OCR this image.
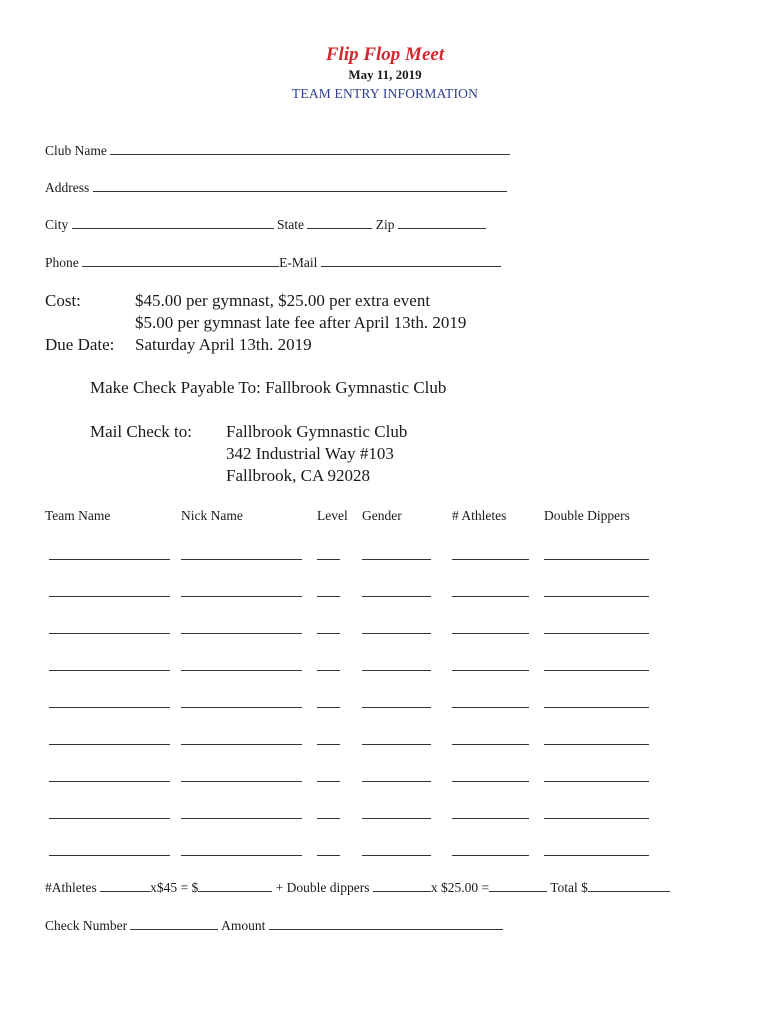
Flip Flop Meet
May 11, 2019
TEAM ENTRY INFORMATION
Club Name
Address
City	State	Zip
Phone	E-Mail
Cost:	$45.00 per gymnast, $25.00 per extra event
$5.00 per gymnast late fee after April 13th. 2019
Due Date: Saturday April 13th. 2019
Make Check Payable To: Fallbrook Gymnastic Club
Mail Check to: Fallbrook Gymnastic Club
342 Industrial Way #103
Fallbrook, CA 92028
Team Name	Nick Name	Level Gender	# Athletes	Double Dippers
#Athletes	x$45 = $	+ Double dippers	x $25.00 =	Total $
Check Number	Amount
